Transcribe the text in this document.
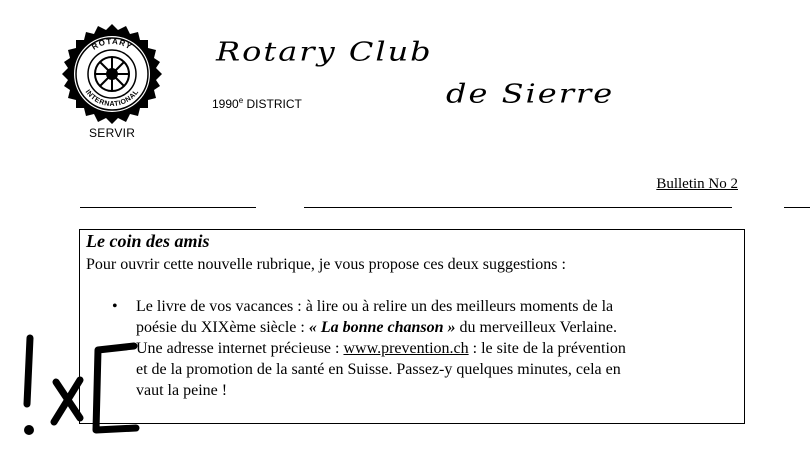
ROTARY
INTERNATIONAL
SERVIR
1990e DISTRICT
Rotary Club
de Sierre
Bulletin No 2
Le coin des amis
Pour ouvrir cette nouvelle rubrique, je vous propose ces deux suggestions :
• Le livre de vos vacances : à lire ou à relire un des meilleurs moments de la
poésie du XIXème siècle : « La bonne chanson » du merveilleux Verlaine.
• Une adresse internet précieuse : www.prevention.ch : le site de la prévention
et de la promotion de la santé en Suisse. Passez-y quelques minutes, cela en
vaut la peine !
